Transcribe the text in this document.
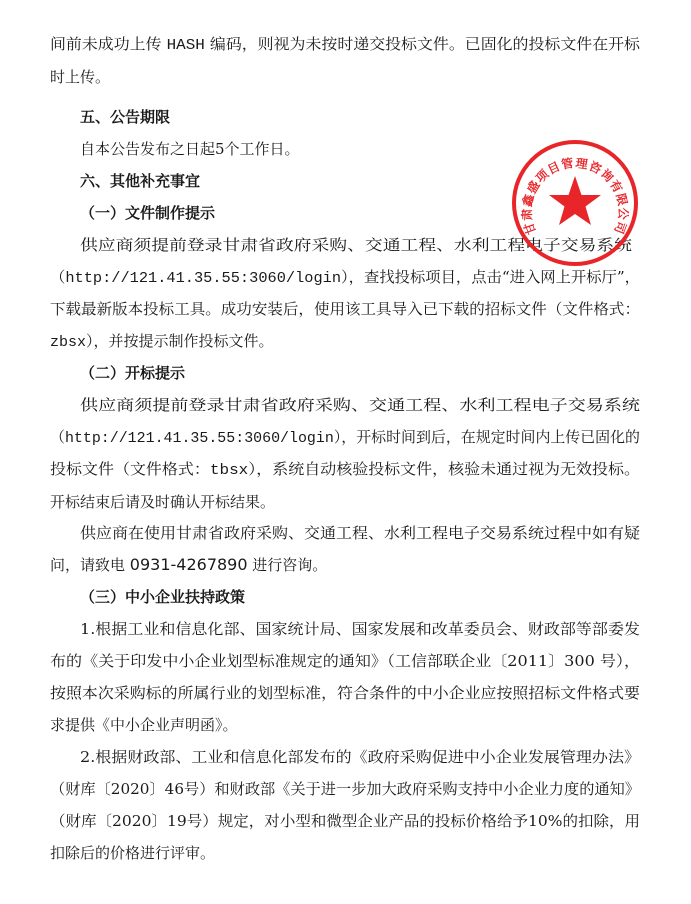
间前未成功上传 HASH 编码，则视为未按时递交投标文件。已固化的投标文件在开标
时上传。
五、公告期限
自本公告发布之日起5个工作日。
六、其他补充事宜
（一）文件制作提示
供应商须提前登录甘肃省政府采购、交通工程、水利工程电子交易系统
（http://121.41.35.55:3060/login），查找投标项目，点击“进入网上开标厅”，
下载最新版本投标工具。成功安装后，使用该工具导入已下载的招标文件（文件格式：
zbsx），并按提示制作投标文件。
（二）开标提示
供应商须提前登录甘肃省政府采购、交通工程、水利工程电子交易系统
（http://121.41.35.55:3060/login），开标时间到后，在规定时间内上传已固化的
投标文件（文件格式：tbsx），系统自动核验投标文件，核验未通过视为无效投标。
开标结束后请及时确认开标结果。
供应商在使用甘肃省政府采购、交通工程、水利工程电子交易系统过程中如有疑
问，请致电 0931-4267890 进行咨询。
（三）中小企业扶持政策
1.根据工业和信息化部、国家统计局、国家发展和改革委员会、财政部等部委发
布的《关于印发中小企业划型标准规定的通知》（工信部联企业〔2011〕300 号），
按照本次采购标的所属行业的划型标准，符合条件的中小企业应按照招标文件格式要
求提供《中小企业声明函》。
2.根据财政部、工业和信息化部发布的《政府采购促进中小企业发展管理办法》
（财库〔2020〕46号）和财政部《关于进一步加大政府采购支持中小企业力度的通知》
（财库〔2020〕19号）规定，对小型和微型企业产品的投标价格给予10%的扣除，用
扣除后的价格进行评审。
甘肃鑫盛项目管理咨询有限公司
